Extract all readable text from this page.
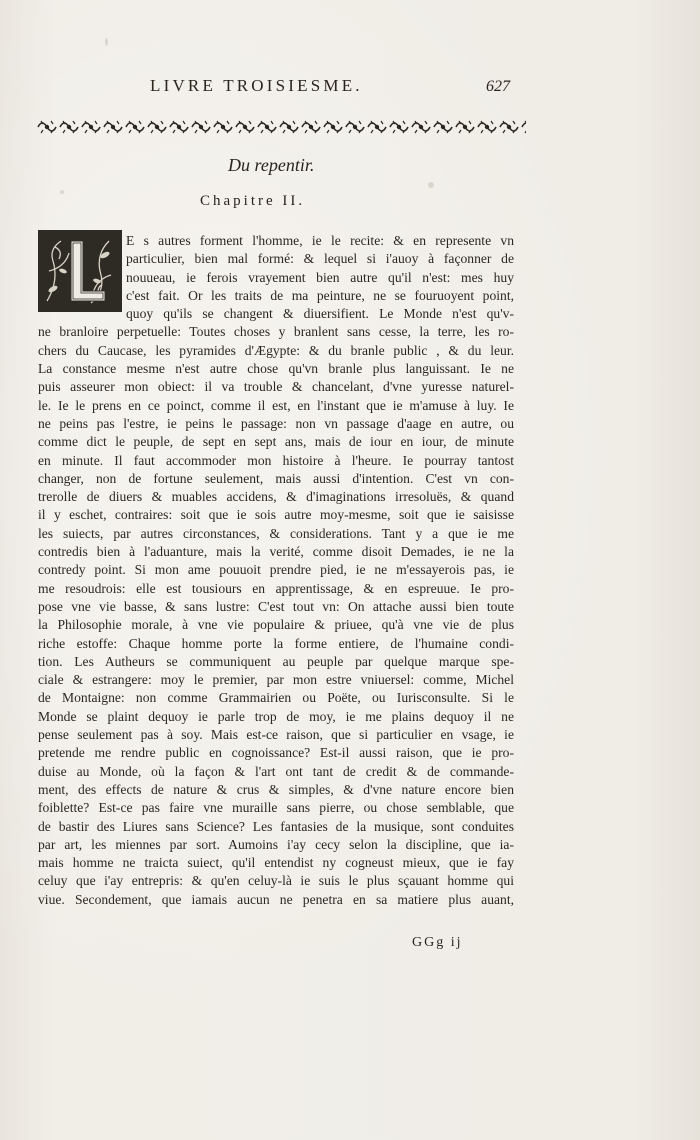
LIVRE TROISIESME.	627
Du repentir.
Chapitre II.
E s autres forment l'homme, ie le recite: & en represente vn
particulier, bien mal formé: & lequel si i'auoy à façonner de
nouueau, ie ferois vrayement bien autre qu'il n'est: mes huy
c'est fait. Or les traits de ma peinture, ne se fouruoyent point,
quoy qu'ils se changent & diuersifient. Le Monde n'est qu'v-
ne branloire perpetuelle: Toutes choses y branlent sans cesse, la terre, les ro-
chers du Caucase, les pyramides d'Ægypte: & du branle public , & du leur.
La constance mesme n'est autre chose qu'vn branle plus languissant. Ie ne
puis asseurer mon obiect: il va trouble & chancelant, d'vne yuresse naturel-
le. Ie le prens en ce poinct, comme il est, en l'instant que ie m'amuse à luy. Ie
ne peins pas l'estre, ie peins le passage: non vn passage d'aage en autre, ou
comme dict le peuple, de sept en sept ans, mais de iour en iour, de minute
en minute. Il faut accommoder mon histoire à l'heure. Ie pourray tantost
changer, non de fortune seulement, mais aussi d'intention. C'est vn con-
trerolle de diuers & muables accidens, & d'imaginations irresoluës, & quand
il y eschet, contraires: soit que ie sois autre moy-mesme, soit que ie saisisse
les suiects, par autres circonstances, & considerations. Tant y a que ie me
contredis bien à l'aduanture, mais la verité, comme disoit Demades, ie ne la
contredy point. Si mon ame pouuoit prendre pied, ie ne m'essayerois pas, ie
me resoudrois: elle est tousiours en apprentissage, & en espreuue. Ie pro-
pose vne vie basse, & sans lustre: C'est tout vn: On attache aussi bien toute
la Philosophie morale, à vne vie populaire & priuee, qu'à vne vie de plus
riche estoffe: Chaque homme porte la forme entiere, de l'humaine condi-
tion. Les Autheurs se communiquent au peuple par quelque marque spe-
ciale & estrangere: moy le premier, par mon estre vniuersel: comme, Michel
de Montaigne: non comme Grammairien ou Poëte, ou Iurisconsulte. Si le
Monde se plaint dequoy ie parle trop de moy, ie me plains dequoy il ne
pense seulement pas à soy. Mais est-ce raison, que si particulier en vsage, ie
pretende me rendre public en cognoissance? Est-il aussi raison, que ie pro-
duise au Monde, où la façon & l'art ont tant de credit & de commande-
ment, des effects de nature & crus & simples, & d'vne nature encore bien
foiblette? Est-ce pas faire vne muraille sans pierre, ou chose semblable, que
de bastir des Liures sans Science? Les fantasies de la musique, sont conduites
par art, les miennes par sort. Aumoins i'ay cecy selon la discipline, que ia-
mais homme ne traicta suiect, qu'il entendist ny cogneust mieux, que ie fay
celuy que i'ay entrepris: & qu'en celuy-là ie suis le plus sçauant homme qui
viue. Secondement, que iamais aucun ne penetra en sa matiere plus auant,
GGg ij
